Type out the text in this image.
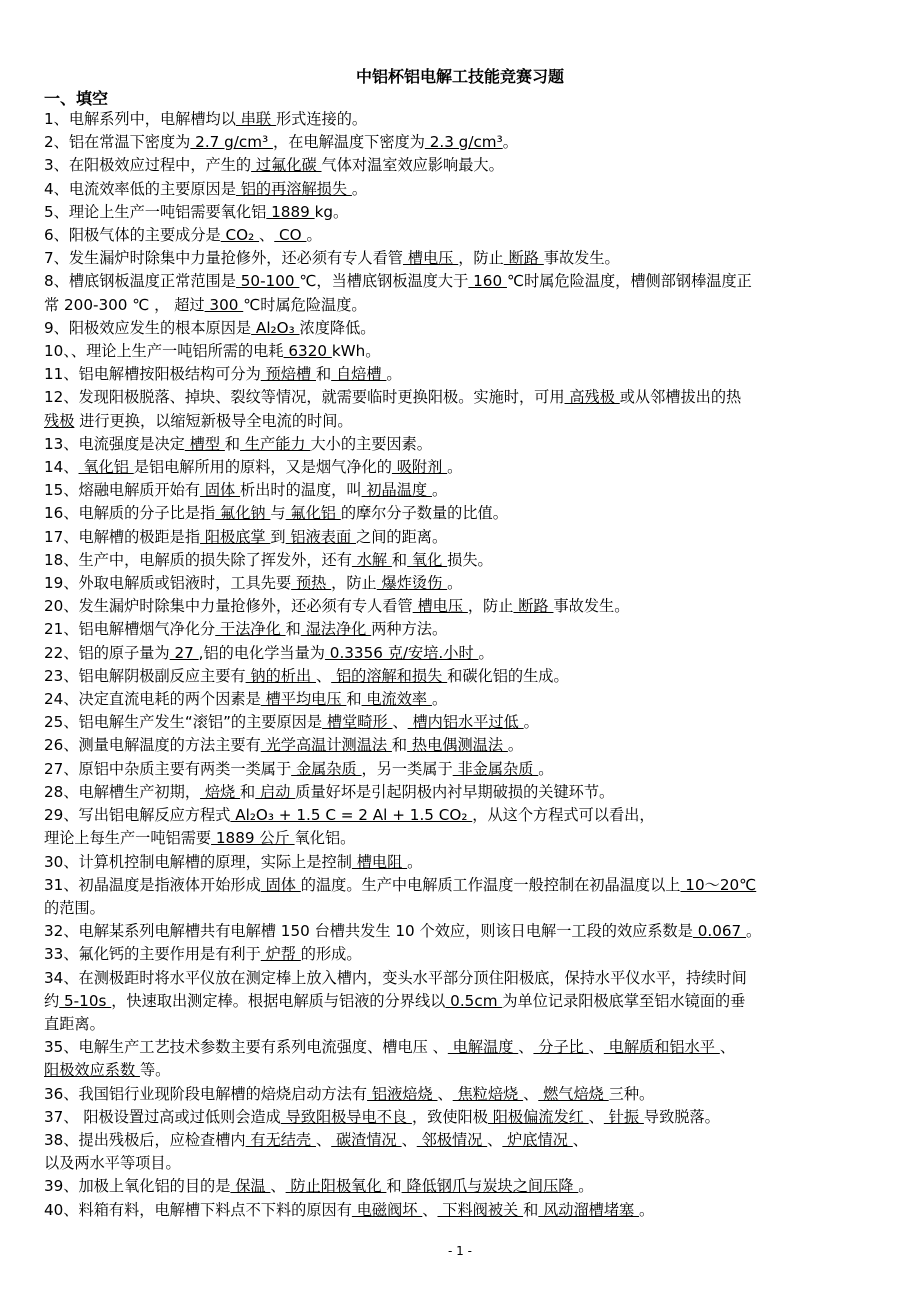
中铝杯铝电解工技能竞赛习题
一、填空
1、电解系列中，电解槽均以 串联 形式连接的。
2、铝在常温下密度为 2.7 g/cm³ ，在电解温度下密度为 2.3 g/cm³。
3、在阳极效应过程中，产生的 过氟化碳 气体对温室效应影响最大。
4、电流效率低的主要原因是 铝的再溶解损失 。
5、理论上生产一吨铝需要氧化铝 1889 kg。
6、阳极气体的主要成分是 CO₂ 、 CO 。
7、发生漏炉时除集中力量抢修外，还必须有专人看管 槽电压 ，防止 断路 事故发生。
8、槽底钢板温度正常范围是 50-100 ℃，当槽底钢板温度大于 160 ℃时属危险温度，槽侧部钢棒温度正
常 200-300 ℃ ， 超过 300 ℃时属危险温度。
9、阳极效应发生的根本原因是 Al₂O₃ 浓度降低。
10、、理论上生产一吨铝所需的电耗 6320 kWh。
11、铝电解槽按阳极结构可分为 预焙槽 和 自焙槽 。
12、发现阳极脱落、掉块、裂纹等情况，就需要临时更换阳极。实施时，可用 高残极 或从邻槽拔出的热
残极 进行更换，以缩短新极导全电流的时间。
13、电流强度是决定 槽型 和 生产能力 大小的主要因素。
14、 氧化铝 是铝电解所用的原料，又是烟气净化的 吸附剂 。
15、熔融电解质开始有 固体 析出时的温度，叫 初晶温度 。
16、电解质的分子比是指 氟化钠 与 氟化铝 的摩尔分子数量的比值。
17、电解槽的极距是指 阳极底掌 到 铝液表面 之间的距离。
18、生产中，电解质的损失除了挥发外，还有 水解 和 氧化 损失。
19、外取电解质或铝液时，工具先要 预热 ，防止 爆炸烫伤 。
20、发生漏炉时除集中力量抢修外，还必须有专人看管 槽电压 ，防止 断路 事故发生。
21、铝电解槽烟气净化分 干法净化 和 湿法净化 两种方法。
22、铝的原子量为 27 ,铝的电化学当量为 0.3356 克/安培.小时 。
23、铝电解阴极副反应主要有 钠的析出 、 铝的溶解和损失 和碳化铝的生成。
24、决定直流电耗的两个因素是 槽平均电压 和 电流效率 。
25、铝电解生产发生“滚铝”的主要原因是 槽堂畸形 、 槽内铝水平过低 。
26、测量电解温度的方法主要有 光学高温计测温法 和 热电偶测温法 。
27、原铝中杂质主要有两类一类属于 金属杂质 ，另一类属于 非金属杂质 。
28、电解槽生产初期， 焙烧 和 启动 质量好坏是引起阴极内衬早期破损的关键环节。
29、写出铝电解反应方程式 Al₂O₃ + 1.5 C = 2 Al + 1.5 CO₂ ，从这个方程式可以看出，
理论上每生产一吨铝需要 1889 公斤 氧化铝。
30、计算机控制电解槽的原理，实际上是控制 槽电阻 。
31、初晶温度是指液体开始形成 固体 的温度。生产中电解质工作温度一般控制在初晶温度以上 10～20℃
的范围。
32、电解某系列电解槽共有电解槽 150 台槽共发生 10 个效应，则该日电解一工段的效应系数是 0.067 。
33、氟化钙的主要作用是有利于 炉帮 的形成。
34、在测极距时将水平仪放在测定棒上放入槽内，变头水平部分顶住阳极底，保持水平仪水平，持续时间
约 5-10s ，快速取出测定棒。根据电解质与铝液的分界线以 0.5cm 为单位记录阳极底掌至铝水镜面的垂
直距离。
35、电解生产工艺技术参数主要有系列电流强度、槽电压 、 电解温度 、 分子比 、 电解质和铝水平 、
阳极效应系数 等。
36、我国铝行业现阶段电解槽的焙烧启动方法有 铝液焙烧 、 焦粒焙烧 、 燃气焙烧 三种。
37、 阳极设置过高或过低则会造成 导致阳极导电不良 ，致使阳极 阳极偏流发红 、 针振 导致脱落。
38、提出残极后，应检查槽内 有无结壳 、 碳渣情况 、 邻极情况 、 炉底情况 、
以及两水平等项目。
39、加极上氧化铝的目的是 保温 、 防止阳极氧化 和 降低钢爪与炭块之间压降 。
40、料箱有料，电解槽下料点不下料的原因有 电磁阀坏 、 下料阀被关 和 风动溜槽堵塞 。
- 1 -
